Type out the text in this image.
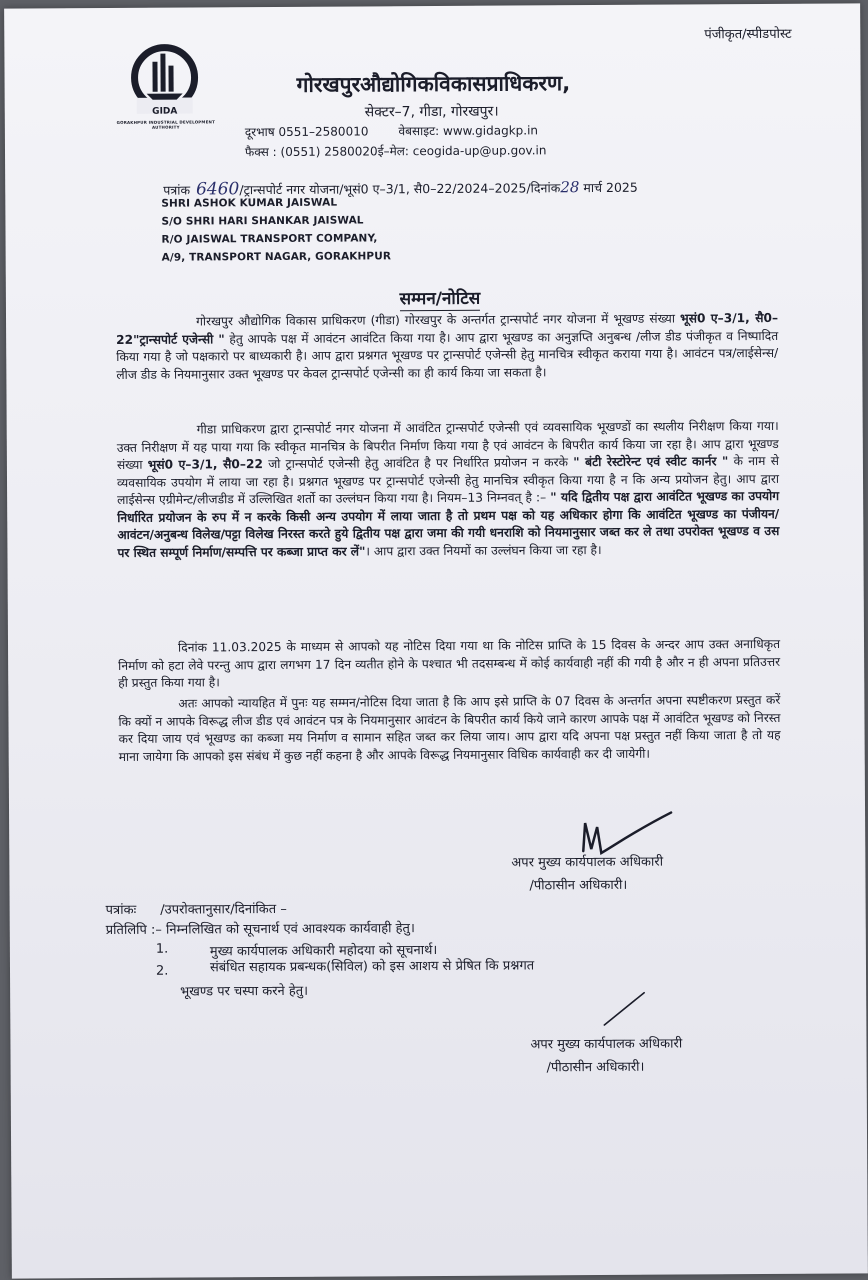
पंजीकृत/स्पीडपोस्ट
GIDA
GORAKHPUR INDUSTRIAL DEVELOPMENT AUTHORITY
गोरखपुरऔद्योगिकविकासप्राधिकरण,
सेक्टर–7, गीडा, गोरखपुर।
दूरभाष 0551–2580010 वेबसाइट: www.gidagkp.in
फैक्स : (0551) 2580020ई–मेल: ceogida-up@up.gov.in
पत्रांक 6460/ट्रान्सपोर्ट नगर योजना/भूसं0 ए–3/1, सै0–22/2024–2025/दिनांक28 मार्च 2025
SHRI ASHOK KUMAR JAISWAL
S/O SHRI HARI SHANKAR JAISWAL
R/O JAISWAL TRANSPORT COMPANY,
A/9, TRANSPORT NAGAR, GORAKHPUR
सम्मन/नोटिस

गोरखपुर औद्योगिक विकास प्राधिकरण (गीडा) गोरखपुर के अन्तर्गत ट्रान्सपोर्ट नगर योजना में भूखण्ड संख्या भूसं0 ए–3/1, सै0–22"ट्रान्सपोर्ट एजेन्सी " हेतु आपके पक्ष में आवंटन आवंटित किया गया है। आप द्वारा भूखण्ड का अनुज्ञप्ति अनुबन्ध /लीज डीड पंजीकृत व निष्पादित किया गया है जो पक्षकारो पर बाध्यकारी है। आप द्वारा प्रश्नगत भूखण्ड पर ट्रान्सपोर्ट एजेन्सी हेतु मानचित्र स्वीकृत कराया गया है। आवंटन पत्र/लाईसेन्स/लीज डीड के नियमानुसार उक्त भूखण्ड पर केवल ट्रान्सपोर्ट एजेन्सी का ही कार्य किया जा सकता है।

गीडा प्राधिकरण द्वारा ट्रान्सपोर्ट नगर योजना में आवंटित ट्रान्सपोर्ट एजेन्सी एवं व्यवसायिक भूखण्डों का स्थलीय निरीक्षण किया गया। उक्त निरीक्षण में यह पाया गया कि स्वीकृत मानचित्र के बिपरीत निर्माण किया गया है एवं आवंटन के बिपरीत कार्य किया जा रहा है। आप द्वारा भूखण्ड संख्या भूसं0 ए–3/1, सै0–22 जो ट्रान्सपोर्ट एजेन्सी हेतु आवंटित है पर निर्धारित प्रयोजन न करके " बंटी रेस्टोरेन्ट एवं स्वीट कार्नर " के नाम से व्यवसायिक उपयोग में लाया जा रहा है। प्रश्नगत भूखण्ड पर ट्रान्सपोर्ट एजेन्सी हेतु मानचित्र स्वीकृत किया गया है न कि अन्य प्रयोजन हेतु। आप द्वारा लाईसेन्स एग्रीमेन्ट/लीजडीड में उल्लिखित शर्तो का उल्लंघन किया गया है। नियम–13 निम्नवत् है :– " यदि द्वितीय पक्ष द्वारा आवंटित भूखण्ड का उपयोग निर्धारित प्रयोजन के रुप में न करके किसी अन्य उपयोग में लाया जाता है तो प्रथम पक्ष को यह अधिकार होगा कि आवंटित भूखण्ड का पंजीयन/आवंटन/अनुबन्ध विलेख/पट्टा विलेख निरस्त करते हुये द्वितीय पक्ष द्वारा जमा की गयी धनराशि को नियमानुसार जब्त कर ले तथा उपरोक्त भूखण्ड व उस पर स्थित सम्पूर्ण निर्माण/सम्पत्ति पर कब्जा प्राप्त कर लें"। आप द्वारा उक्त नियमों का उल्लंघन किया जा रहा है।

दिनांक 11.03.2025 के माध्यम से आपको यह नोटिस दिया गया था कि नोटिस प्राप्ति के 15 दिवस के अन्दर आप उक्त अनाधिकृत निर्माण को हटा लेवे परन्तु आप द्वारा लगभग 17 दिन व्यतीत होने के पश्चात भी तदसम्बन्ध में कोई कार्यवाही नहीं की गयी है और न ही अपना प्रतिउत्तर ही प्रस्तुत किया गया है।

अतः आपको न्यायहित में पुनः यह सम्मन/नोटिस दिया जाता है कि आप इसे प्राप्ति के 07 दिवस के अन्तर्गत अपना स्पष्टीकरण प्रस्तुत करें कि क्यों न आपके विरूद्ध लीज डीड एवं आवंटन पत्र के नियमानुसार आवंटन के बिपरीत कार्य किये जाने कारण आपके पक्ष में आवंटित भूखण्ड को निरस्त कर दिया जाय एवं भूखण्ड का कब्जा मय निर्माण व सामान सहित जब्त कर लिया जाय। आप द्वारा यदि अपना पक्ष प्रस्तुत नहीं किया जाता है तो यह माना जायेगा कि आपको इस संबंध में कुछ नहीं कहना है और आपके विरूद्ध नियमानुसार विधिक कार्यवाही कर दी जायेगी।

अपर मुख्य कार्यपालक अधिकारी
/पीठासीन अधिकारी।
पत्रांकः /उपरोक्तानुसार/दिनांकित –
प्रतिलिपि :– निम्नलिखित को सूचनार्थ एवं आवश्यक कार्यवाही हेतु।
1.	मुख्य कार्यपालक अधिकारी महोदया को सूचनार्थ।
2.	संबंधित सहायक प्रबन्धक(सिविल) को इस आशय से प्रेषित कि प्रश्नगत
भूखण्ड पर चस्पा करने हेतु।
अपर मुख्य कार्यपालक अधिकारी
/पीठासीन अधिकारी।
